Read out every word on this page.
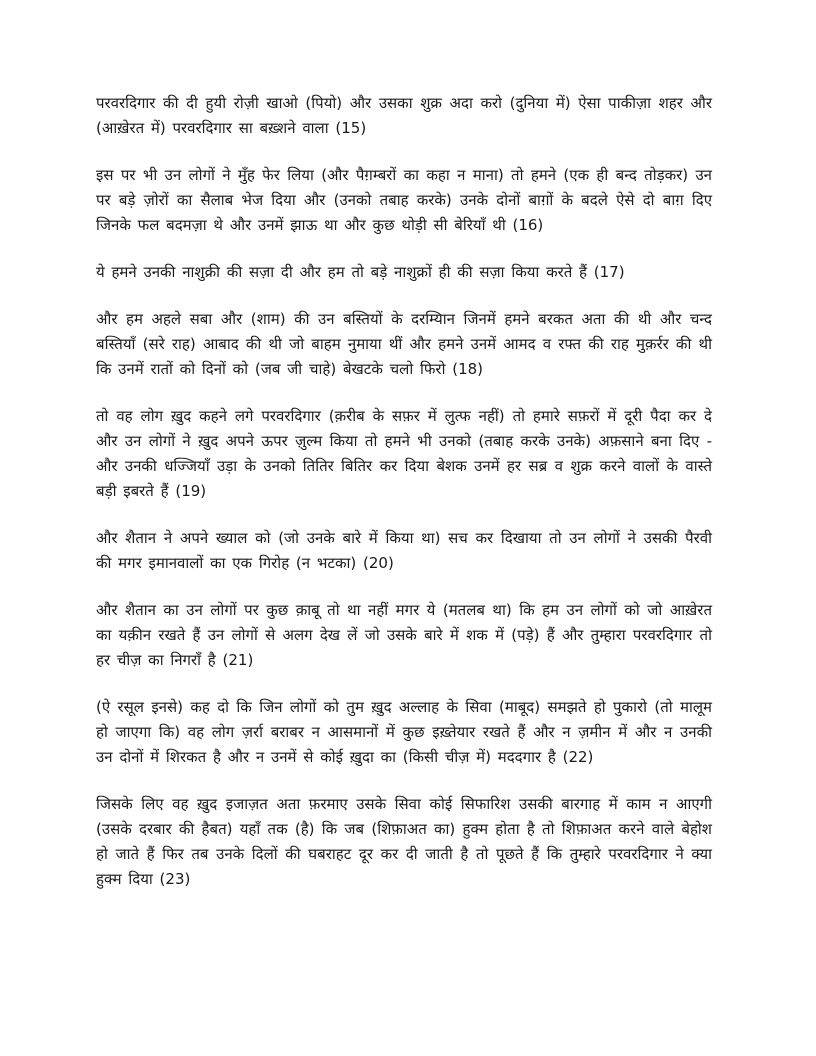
परवरदिगार की दी हुयी रोज़ी खाओ (पियो) और उसका शुक्र अदा करो (दुनिया में) ऐसा पाकीज़ा शहर और (आख़ेरत में) परवरदिगार सा बख़्शने वाला (15)

इस पर भी उन लोगों ने मुँह फेर लिया (और पैग़म्बरों का कहा न माना) तो हमने (एक ही बन्द तोड़कर) उन पर बड़े ज़ोरों का सैलाब भेज दिया और (उनको तबाह करके) उनके दोनों बाग़ों के बदले ऐसे दो बाग़ दिए जिनके फल बदमज़ा थे और उनमें झाऊ था और कुछ थोड़ी सी बेरियाँ थी (16)

ये हमने उनकी नाशुक्री की सज़ा दी और हम तो बड़े नाशुक्रों ही की सज़ा किया करते हैं (17)

और हम अहले सबा और (शाम) की उन बस्तियों के दरम्यिान जिनमें हमने बरकत अता की थी और चन्द बस्तियाँ (सरे राह) आबाद की थी जो बाहम नुमाया थीं और हमने उनमें आमद व रफ्त की राह मुक़र्रर की थी कि उनमें रातों को दिनों को (जब जी चाहे) बेखटके चलो फिरो (18)

तो वह लोग ख़ुद कहने लगे परवरदिगार (क़रीब के सफ़र में लुत्फ नहीं) तो हमारे सफ़रों में दूरी पैदा कर दे और उन लोगों ने ख़ुद अपने ऊपर ज़ुल्म किया तो हमने भी उनको (तबाह करके उनके) अफ़साने बना दिए - और उनकी धज्जियाँ उड़ा के उनको तितिर बितिर कर दिया बेशक उनमें हर सब्र व शुक्र करने वालों के वास्ते बड़ी इबरते हैं (19)

और शैतान ने अपने ख्याल को (जो उनके बारे में किया था) सच कर दिखाया तो उन लोगों ने उसकी पैरवी की मगर इमानवालों का एक गिरोह (न भटका) (20)

और शैतान का उन लोगों पर कुछ क़ाबू तो था नहीं मगर ये (मतलब था) कि हम उन लोगों को जो आख़ेरत का यक़ीन रखते हैं उन लोगों से अलग देख लें जो उसके बारे में शक में (पड़े) हैं और तुम्हारा परवरदिगार तो हर चीज़ का निगराँ है (21)

(ऐ रसूल इनसे) कह दो कि जिन लोगों को तुम ख़ुद अल्लाह के सिवा (माबूद) समझते हो पुकारो (तो मालूम हो जाएगा कि) वह लोग ज़र्रा बराबर न आसमानों में कुछ इख़्तेयार रखते हैं और न ज़मीन में और न उनकी उन दोनों में शिरकत है और न उनमें से कोई ख़ुदा का (किसी चीज़ में) मददगार है (22)

जिसके लिए वह ख़ुद इजाज़त अता फ़रमाए उसके सिवा कोई सिफारिश उसकी बारगाह में काम न आएगी (उसके दरबार की हैबत) यहाँ तक (है) कि जब (शिफ़ाअत का) हुक्म होता है तो शिफ़ाअत करने वाले बेहोश हो जाते हैं फिर तब उनके दिलों की घबराहट दूर कर दी जाती है तो पूछते हैं कि तुम्हारे परवरदिगार ने क्या हुक्म दिया (23)
